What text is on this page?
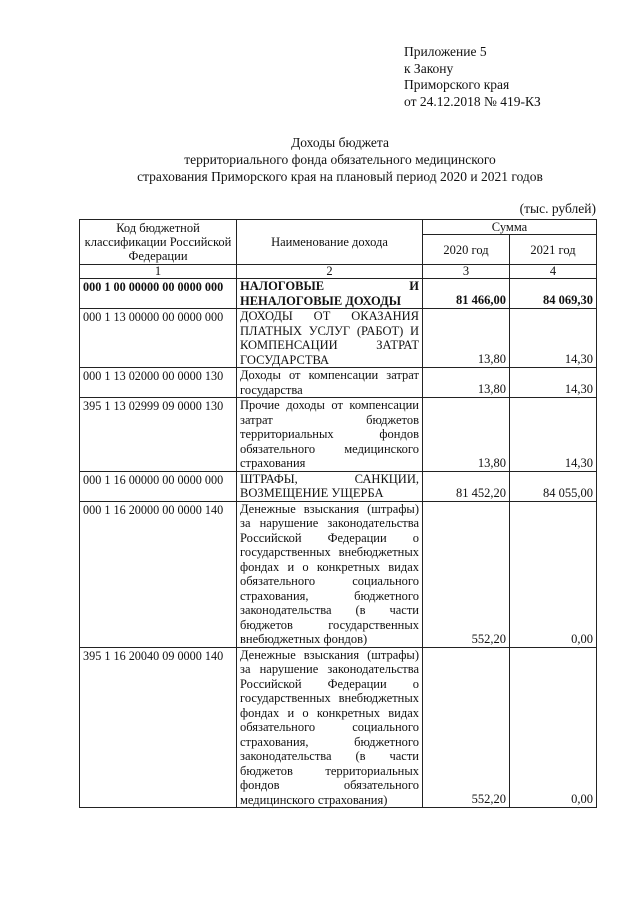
Приложение 5
к Закону
Приморского края
от 24.12.2018 № 419-КЗ
Доходы бюджета
территориального фонда обязательного медицинского
страхования Приморского края на плановый период 2020 и 2021 годов
(тыс. рублей)
Код бюджетной классификации Российской Федерации	Наименование дохода	Сумма	
		2020 год	2021 год
1	2	3	4
000 1 00 00000 00 0000 000	НАЛОГОВЫЕ И НЕНАЛОГОВЫЕ ДОХОДЫ	81 466,00	84 069,30
000 1 13 00000 00 0000 000	ДОХОДЫ ОТ ОКАЗАНИЯ ПЛАТНЫХ УСЛУГ (РАБОТ) И КОМПЕНСАЦИИ ЗАТРАТ ГОСУДАРСТВА	13,80	14,30
000 1 13 02000 00 0000 130	Доходы от компенсации затрат государства	13,80	14,30
395 1 13 02999 09 0000 130	Прочие доходы от компенсации затрат бюджетов территориальных фондов обязательного медицинского страхования	13,80	14,30
000 1 16 00000 00 0000 000	ШТРАФЫ, САНКЦИИ, ВОЗМЕЩЕНИЕ УЩЕРБА	81 452,20	84 055,00
000 1 16 20000 00 0000 140	Денежные взыскания (штрафы) за нарушение законодательства Российской Федерации о государственных внебюджетных фондах и о конкретных видах обязательного социального страхования, бюджетного законодательства (в части бюджетов государственных внебюджетных фондов)	552,20	0,00
395 1 16 20040 09 0000 140	Денежные взыскания (штрафы) за нарушение законодательства Российской Федерации о государственных внебюджетных фондах и о конкретных видах обязательного социального страхования, бюджетного законодательства (в части бюджетов территориальных фондов обязательного медицинского страхования)	552,20	0,00
